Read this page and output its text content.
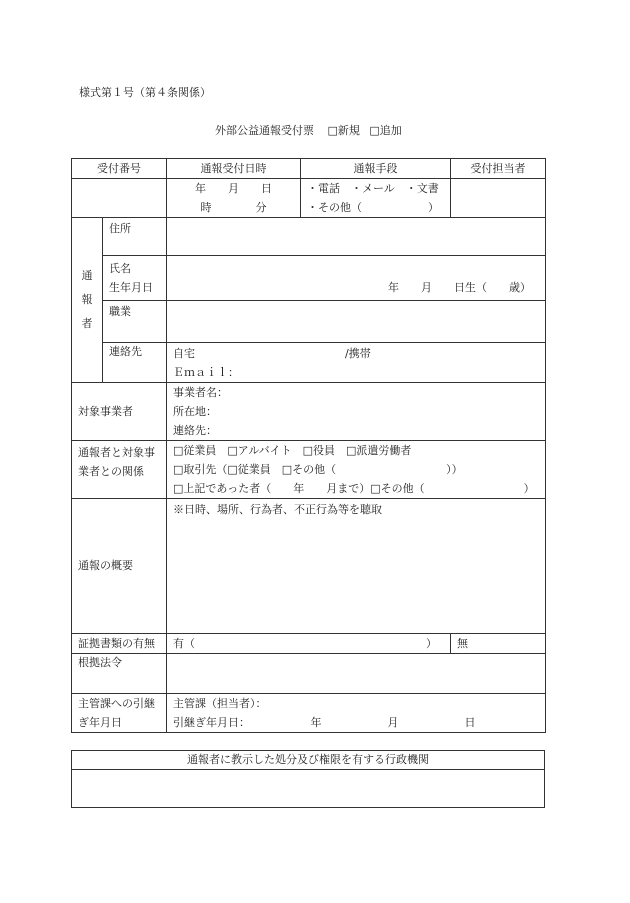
様式第１号（第４条関係）
外部公益通報受付票 □新規 □追加
受付番号		通報受付日時	通報手段	受付担当者

		年　　月　　日
時　　　　分	・電話　・メール　・文書
・その他（　　　　　　）	

通
報
者	住所			

	氏名
生年月日	年　　月　　日生（　　歳）		

	職業			
	連絡先	自宅 /携帯
Ｅｍａｉｌ：		

対象事業者		事業者名：
所在地：
連絡先：		

通報者と対象事
業者との関係		□従業員　□アルバイト　□役員　□派遣労働者
□取引先（□従業員　□その他（　　　　　　　　　　））
□上記であった者（　　年　　月まで）□その他（　　　　　　　　　）		

通報の概要		※日時、場所、行為者、不正行為等を聴取		

証拠書類の有無		有（　　　　　　　　　　　　　　　　　　　　　）		無
根拠法令				

主管課への引継
ぎ年月日		主管課（担当者）：
引継ぎ年月日：　　　　　　年　　　　　　月　　　　　　日		
通報者に教示した処分及び権限を有する行政機関
